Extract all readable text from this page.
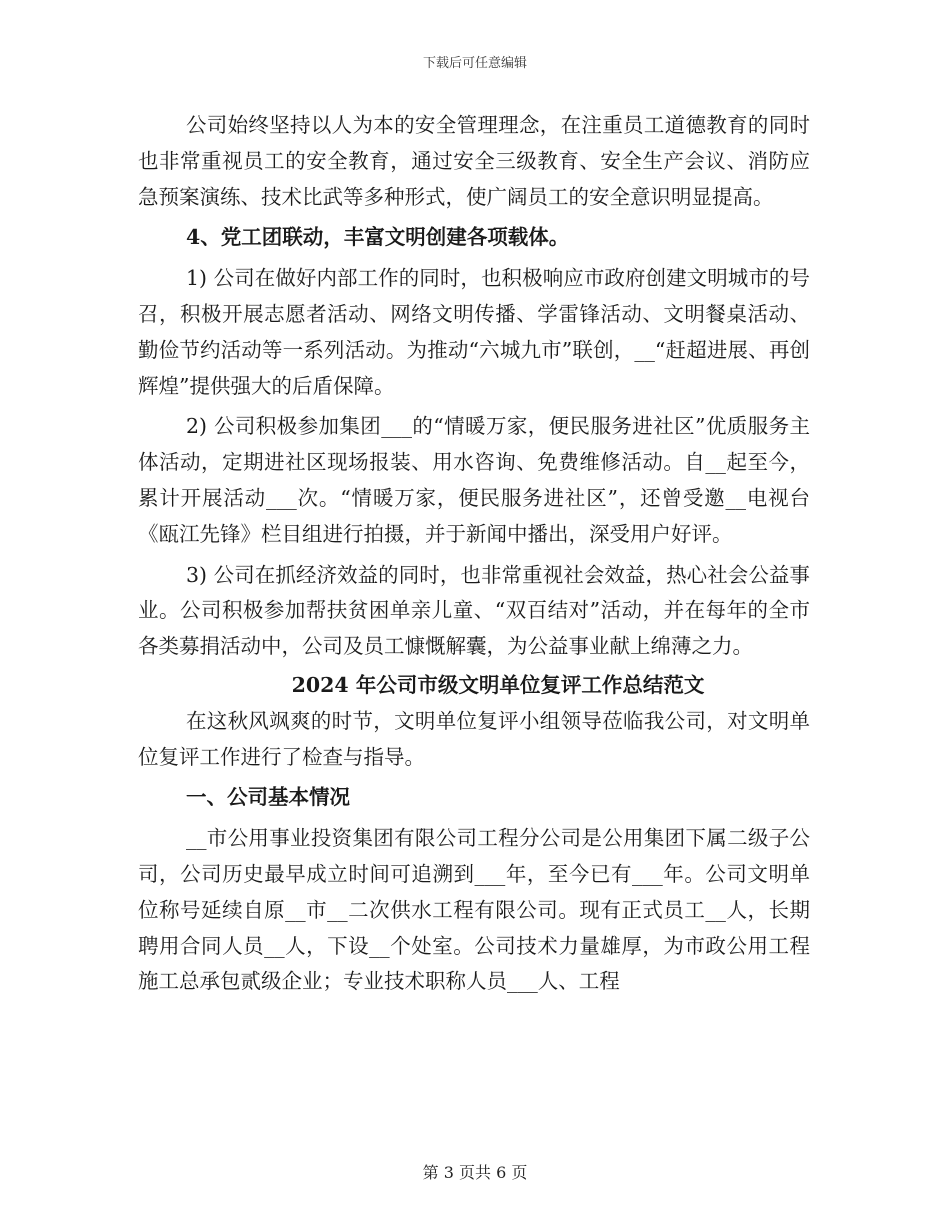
下载后可任意编辑

公司始终坚持以人为本的安全管理理念，在注重员工道德教育的同时也非常重视员工的安全教育，通过安全三级教育、安全生产会议、消防应急预案演练、技术比武等多种形式，使广阔员工的安全意识明显提高。

4、党工团联动，丰富文明创建各项载体。

1) 公司在做好内部工作的同时，也积极响应市政府创建文明城市的号召，积极开展志愿者活动、网络文明传播、学雷锋活动、文明餐桌活动、勤俭节约活动等一系列活动。为推动“六城九市”联创，__“赶超进展、再创辉煌”提供强大的后盾保障。

2) 公司积极参加集团___的“情暖万家，便民服务进社区”优质服务主体活动，定期进社区现场报装、用水咨询、免费维修活动。自__起至今，累计开展活动___次。“情暖万家，便民服务进社区”，还曾受邀__电视台《瓯江先锋》栏目组进行拍摄，并于新闻中播出，深受用户好评。

3) 公司在抓经济效益的同时，也非常重视社会效益，热心社会公益事业。公司积极参加帮扶贫困单亲儿童、“双百结对”活动，并在每年的全市各类募捐活动中，公司及员工慷慨解囊，为公益事业献上绵薄之力。

2024 年公司市级文明单位复评工作总结范文

在这秋风飒爽的时节，文明单位复评小组领导莅临我公司，对文明单位复评工作进行了检查与指导。

一、公司基本情况

__市公用事业投资集团有限公司工程分公司是公用集团下属二级子公司，公司历史最早成立时间可追溯到___年，至今已有___年。公司文明单位称号延续自原__市__二次供水工程有限公司。现有正式员工__人，长期聘用合同人员__人，下设__个处室。公司技术力量雄厚，为市政公用工程施工总承包贰级企业；专业技术职称人员___人、工程

第 3 页共 6 页
